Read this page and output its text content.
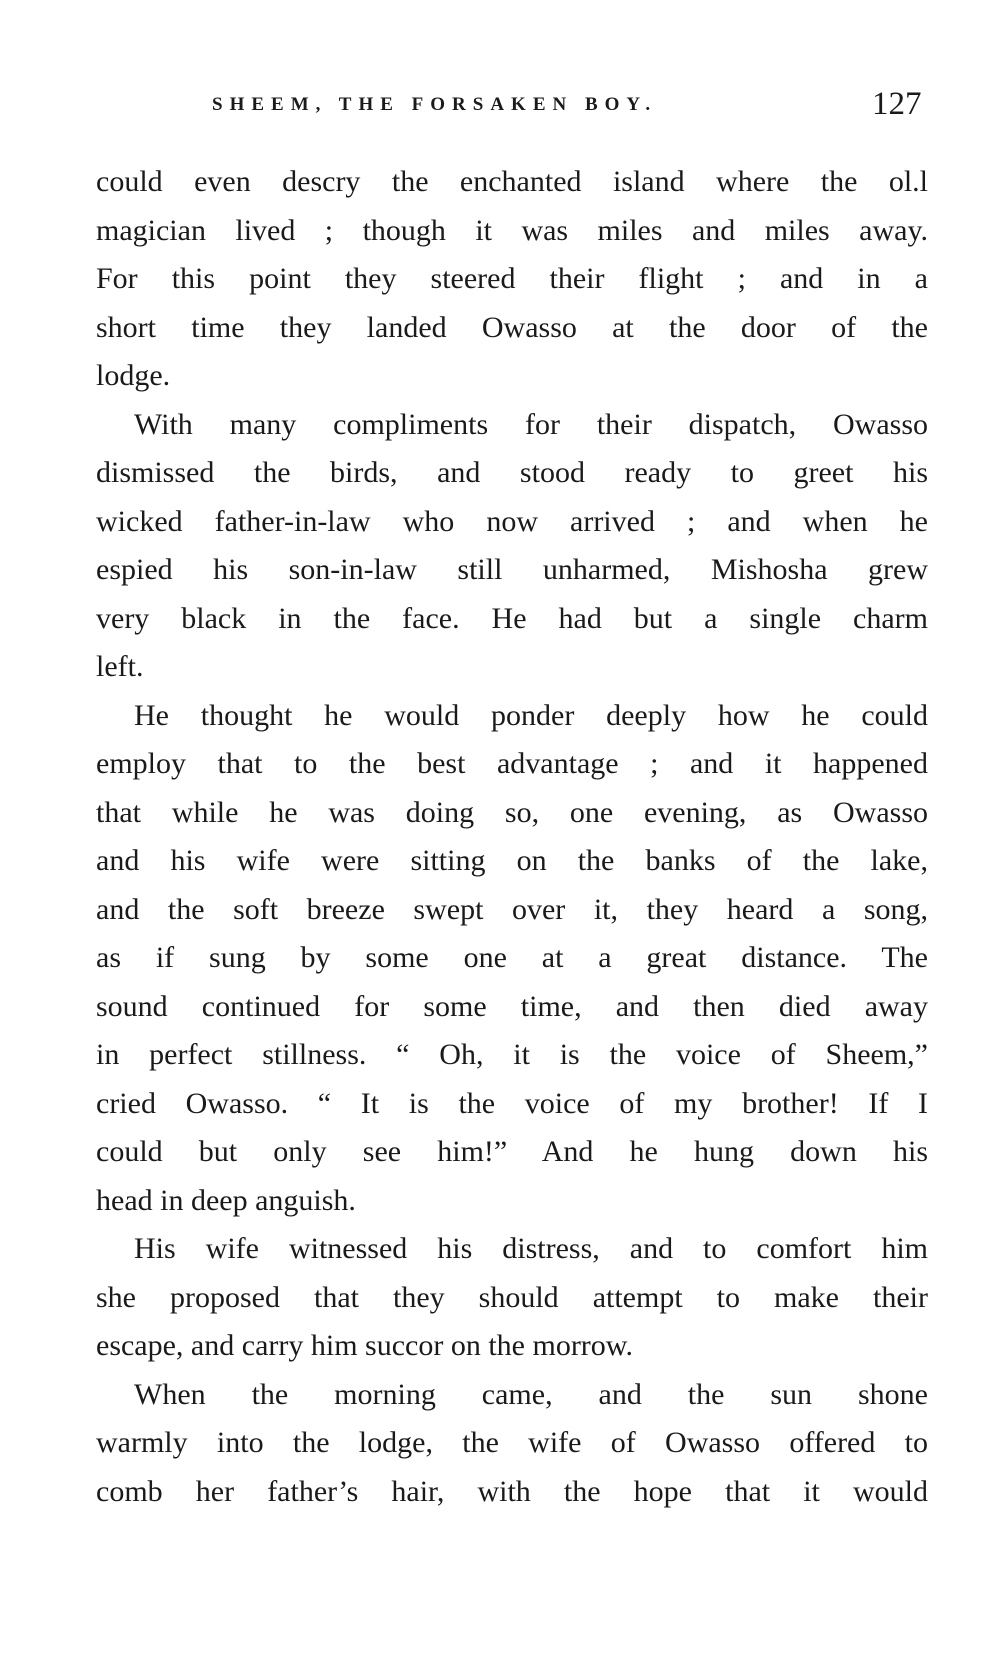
SHEEM, THE FORSAKEN BOY.	127
could even descry the enchanted island where the ol.l
magician lived ; though it was miles and miles away.
For this point they steered their flight ; and in a
short time they landed Owasso at the door of the
lodge.
With many compliments for their dispatch, Owasso
dismissed the birds, and stood ready to greet his
wicked father-in-law who now arrived ; and when he
espied his son-in-law still unharmed, Mishosha grew
very black in the face. He had but a single charm
left.
He thought he would ponder deeply how he could
employ that to the best advantage ; and it happened
that while he was doing so, one evening, as Owasso
and his wife were sitting on the banks of the lake,
and the soft breeze swept over it, they heard a song,
as if sung by some one at a great distance. The
sound continued for some time, and then died away
in perfect stillness. “ Oh, it is the voice of Sheem,”
cried Owasso. “ It is the voice of my brother! If I
could but only see him!” And he hung down his
head in deep anguish.
His wife witnessed his distress, and to comfort him
she proposed that they should attempt to make their
escape, and carry him succor on the morrow.
When the morning came, and the sun shone
warmly into the lodge, the wife of Owasso offered to
comb her father’s hair, with the hope that it would
